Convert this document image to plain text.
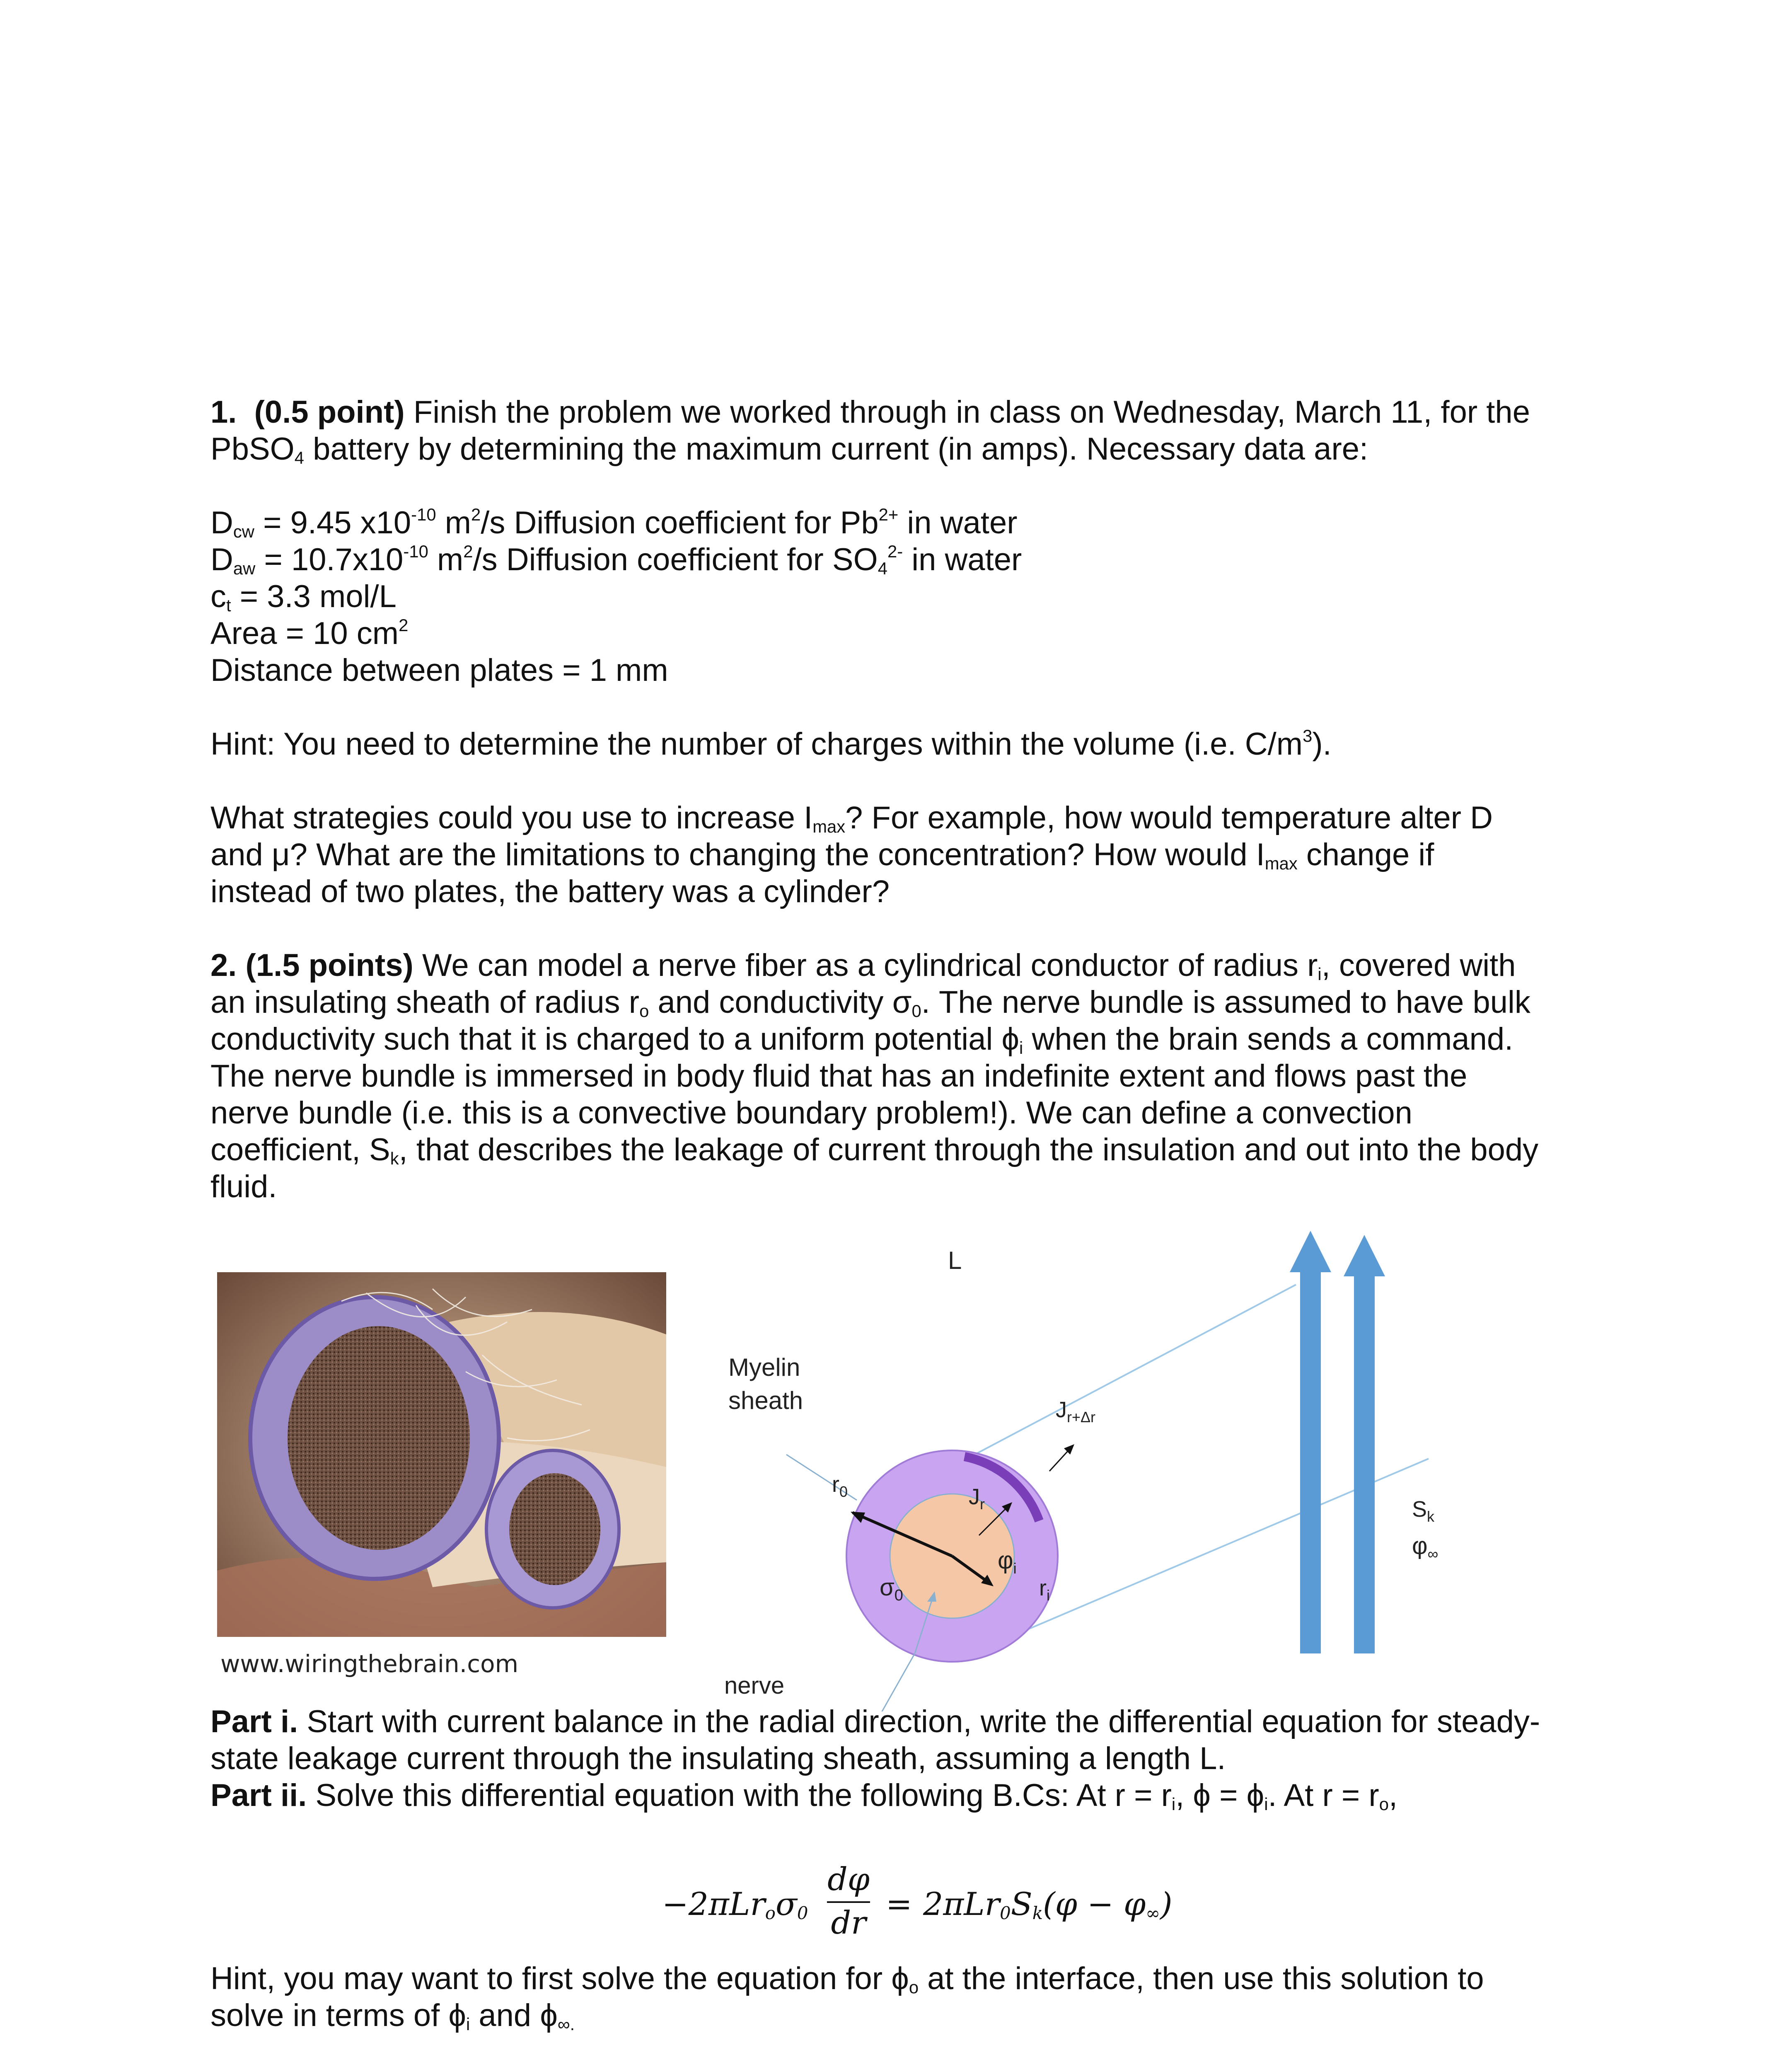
1. (0.5 point) Finish the problem we worked through in class on Wednesday, March 11, for the

PbSO$_4$ battery by determining the maximum current (in amps). Necessary data are:

$D_{cw} = 9.45$ $x10^{-10}$ $m^2/s$ Diffusion coefficient for $Pb^{2+}$ in water

$D_{aw} = 10.7x10^{-10}$ $m^2/s$ Diffusion coefficient for $SO_4^{2-}$ in water

$c_t = 3.3$ mol/L

Area = 10 $cm^2$

Distance between plates = 1 mm

Hint: You need to determine the number of charges within the volume (i.e. $C/m^3$).

What strategies could you use to increase $I_{max}$? For example, how would temperature alter D

and μ? What are the limitations to changing the concentration? How would $I_{max}$ change if

instead of two plates, the battery was a cylinder?

2. (1.5 points) We can model a nerve fiber as a cylindrical conductor of radius $r_i$, covered with

an insulating sheath of radius $r_o$ and conductivity $\sigma_0$. The nerve bundle is assumed to have bulk

conductivity such that it is charged to a uniform potential $\phi_i$ when the brain sends a command.

The nerve bundle is immersed in body fluid that has an indefinite extent and flows past the

nerve bundle (i.e. this is a convective boundary problem!). We can define a convection

coefficient, $S_k$, that describes the leakage of current through the insulation and out into the body

fluid.

www.wiringthebrain.com
L
Myelin
sheath	$J_{r+\Delta r}$
$r_0$	$J_r$
$\varphi_i$
$r_i$
$\sigma_0$
$S_k$
$\varphi_\infty$
nerve

Part i. Start with current balance in the radial direction, write the differential equation for steady-

state leakage current through the insulating sheath, assuming a length L.

Part ii. Solve this differential equation with the following B.Cs: At $r = r_i$, $\phi = \phi_i$. At $r = r_o$,

$-2\pi Lr_o\sigma_0$
dφ
dr
= $2\pi Lr_0S_k(\varphi - \varphi_\infty)$

Hint, you may want to first solve the equation for $\phi_o$ at the interface, then use this solution to

solve in terms of $\phi_i$ and $\phi_{\infty.}$
